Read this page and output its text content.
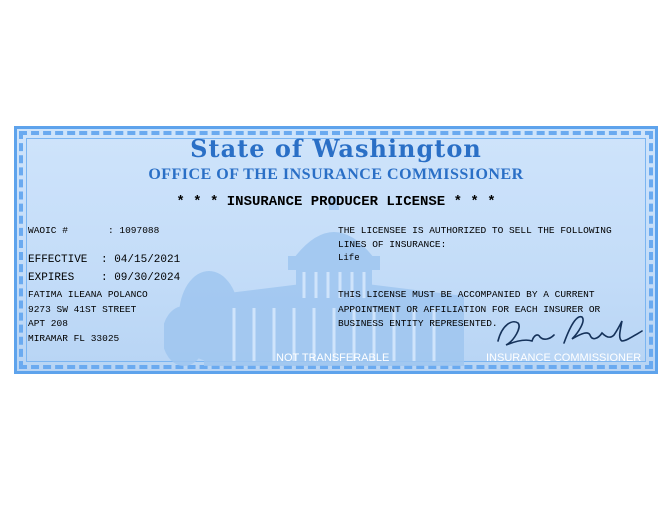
State of Washington
OFFICE OF THE INSURANCE COMMISSIONER
* * * INSURANCE PRODUCER LICENSE * * *
WAOIC #	: 1097088
EFFECTIVE : 04/15/2021
EXPIRES : 09/30/2024
FATIMA ILEANA POLANCO
9273 SW 41ST STREET
APT 208
MIRAMAR FL 33025
THE LICENSEE IS AUTHORIZED TO SELL THE FOLLOWING
LINES OF INSURANCE:
Life
THIS LICENSE MUST BE ACCOMPANIED BY A CURRENT
APPOINTMENT OR AFFILIATION FOR EACH INSURER OR
BUSINESS ENTITY REPRESENTED.
NOT TRANSFERABLE	INSURANCE COMMISSIONER
